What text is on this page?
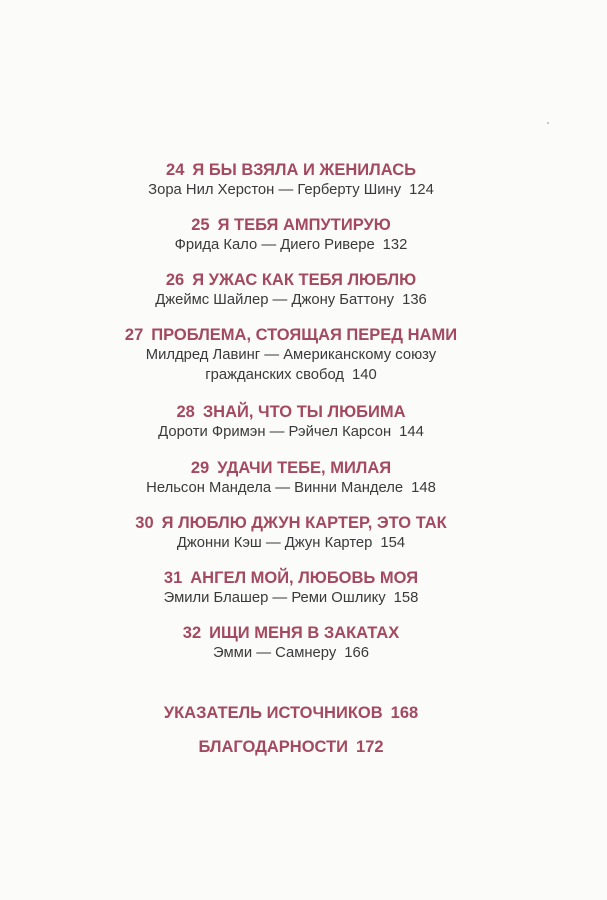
24 Я БЫ ВЗЯЛА И ЖЕНИЛАСЬ
Зора Нил Херстон — Герберту Шину 124
25 Я ТЕБЯ АМПУТИРУЮ
Фрида Кало — Диего Ривере 132
26 Я УЖАС КАК ТЕБЯ ЛЮБЛЮ
Джеймс Шайлер — Джону Баттону 136
27 ПРОБЛЕМА, СТОЯЩАЯ ПЕРЕД НАМИ
Милдред Лавинг — Американскому союзу
гражданских свобод 140
28 ЗНАЙ, ЧТО ТЫ ЛЮБИМА
Дороти Фримэн — Рэйчел Карсон 144
29 УДАЧИ ТЕБЕ, МИЛАЯ
Нельсон Мандела — Винни Манделе 148
30 Я ЛЮБЛЮ ДЖУН КАРТЕР, ЭТО ТАК
Джонни Кэш — Джун Картер 154
31 АНГЕЛ МОЙ, ЛЮБОВЬ МОЯ
Эмили Блашер — Реми Ошлику 158
32 ИЩИ МЕНЯ В ЗАКАТАХ
Эмми — Самнеру 166
УКАЗАТЕЛЬ ИСТОЧНИКОВ 168
БЛАГОДАРНОСТИ 172
